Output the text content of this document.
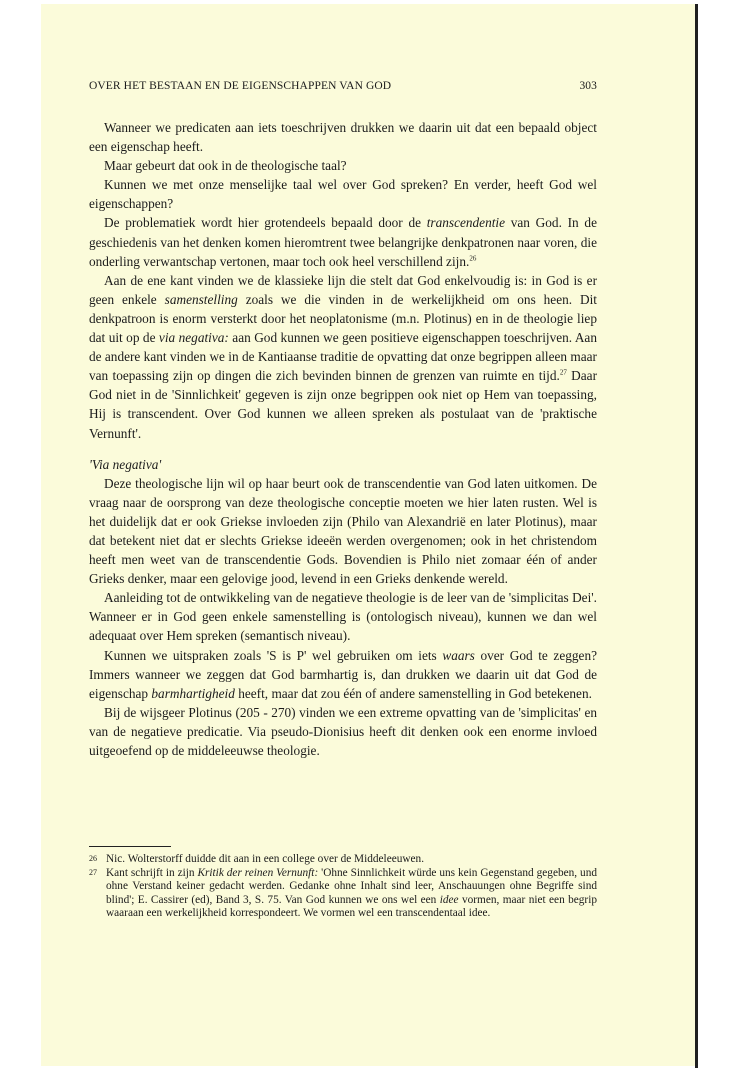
OVER HET BESTAAN EN DE EIGENSCHAPPEN VAN GOD	303

Wanneer we predicaten aan iets toeschrijven drukken we daarin uit dat een bepaald object een eigenschap heeft.

Maar gebeurt dat ook in de theologische taal?

Kunnen we met onze menselijke taal wel over God spreken? En verder, heeft God wel eigenschappen?

De problematiek wordt hier grotendeels bepaald door de transcendentie van God. In de geschiedenis van het denken komen hieromtrent twee belangrijke denkpatronen naar voren, die onderling verwantschap vertonen, maar toch ook heel verschillend zijn.$^{26}$

Aan de ene kant vinden we de klassieke lijn die stelt dat God enkelvoudig is: in God is er geen enkele samenstelling zoals we die vinden in de werkelijkheid om ons heen. Dit denkpatroon is enorm versterkt door het neoplatonisme (m.n. Plotinus) en in de theologie liep dat uit op de via negativa: aan God kunnen we geen positieve eigenschappen toeschrijven. Aan de andere kant vinden we in de Kantiaanse traditie de opvatting dat onze begrippen alleen maar van toepassing zijn op dingen die zich bevinden binnen de grenzen van ruimte en tijd.$^{27}$ Daar God niet in de 'Sinnlichkeit' gegeven is zijn onze begrippen ook niet op Hem van toepassing, Hij is transcendent. Over God kunnen we alleen spreken als postulaat van de 'praktische Vernunft'.

'Via negativa'

Deze theologische lijn wil op haar beurt ook de transcendentie van God laten uitkomen. De vraag naar de oorsprong van deze theologische conceptie moeten we hier laten rusten. Wel is het duidelijk dat er ook Griekse invloeden zijn (Philo van Alexandrië en later Plotinus), maar dat betekent niet dat er slechts Griekse ideeën werden overgenomen; ook in het christendom heeft men weet van de transcendentie Gods. Bovendien is Philo niet zomaar één of ander Grieks denker, maar een gelovige jood, levend in een Grieks denkende wereld.

Aanleiding tot de ontwikkeling van de negatieve theologie is de leer van de 'simplicitas Dei'. Wanneer er in God geen enkele samenstelling is (ontologisch niveau), kunnen we dan wel adequaat over Hem spreken (semantisch niveau).

Kunnen we uitspraken zoals 'S is P' wel gebruiken om iets waars over God te zeggen? Immers wanneer we zeggen dat God barmhartig is, dan drukken we daarin uit dat God de eigenschap barmhartigheid heeft, maar dat zou één of andere samenstelling in God betekenen.

Bij de wijsgeer Plotinus (205 - 270) vinden we een extreme opvatting van de 'simplicitas' en van de negatieve predicatie. Via pseudo-Dionisius heeft dit denken ook een enorme invloed uitgeoefend op de middeleeuwse theologie.

26 Nic. Wolterstorff duidde dit aan in een college over de Middeleeuwen.
27 Kant schrijft in zijn Kritik der reinen Vernunft: 'Ohne Sinnlichkeit würde uns kein Gegenstand gegeben, und ohne Verstand keiner gedacht werden. Gedanke ohne Inhalt sind leer, Anschauungen ohne Begriffe sind blind'; E. Cassirer (ed), Band 3, S. 75. Van God kunnen we ons wel een idee vormen, maar niet een begrip waaraan een werkelijkheid korrespondeert. We vormen wel een transcendentaal idee.
